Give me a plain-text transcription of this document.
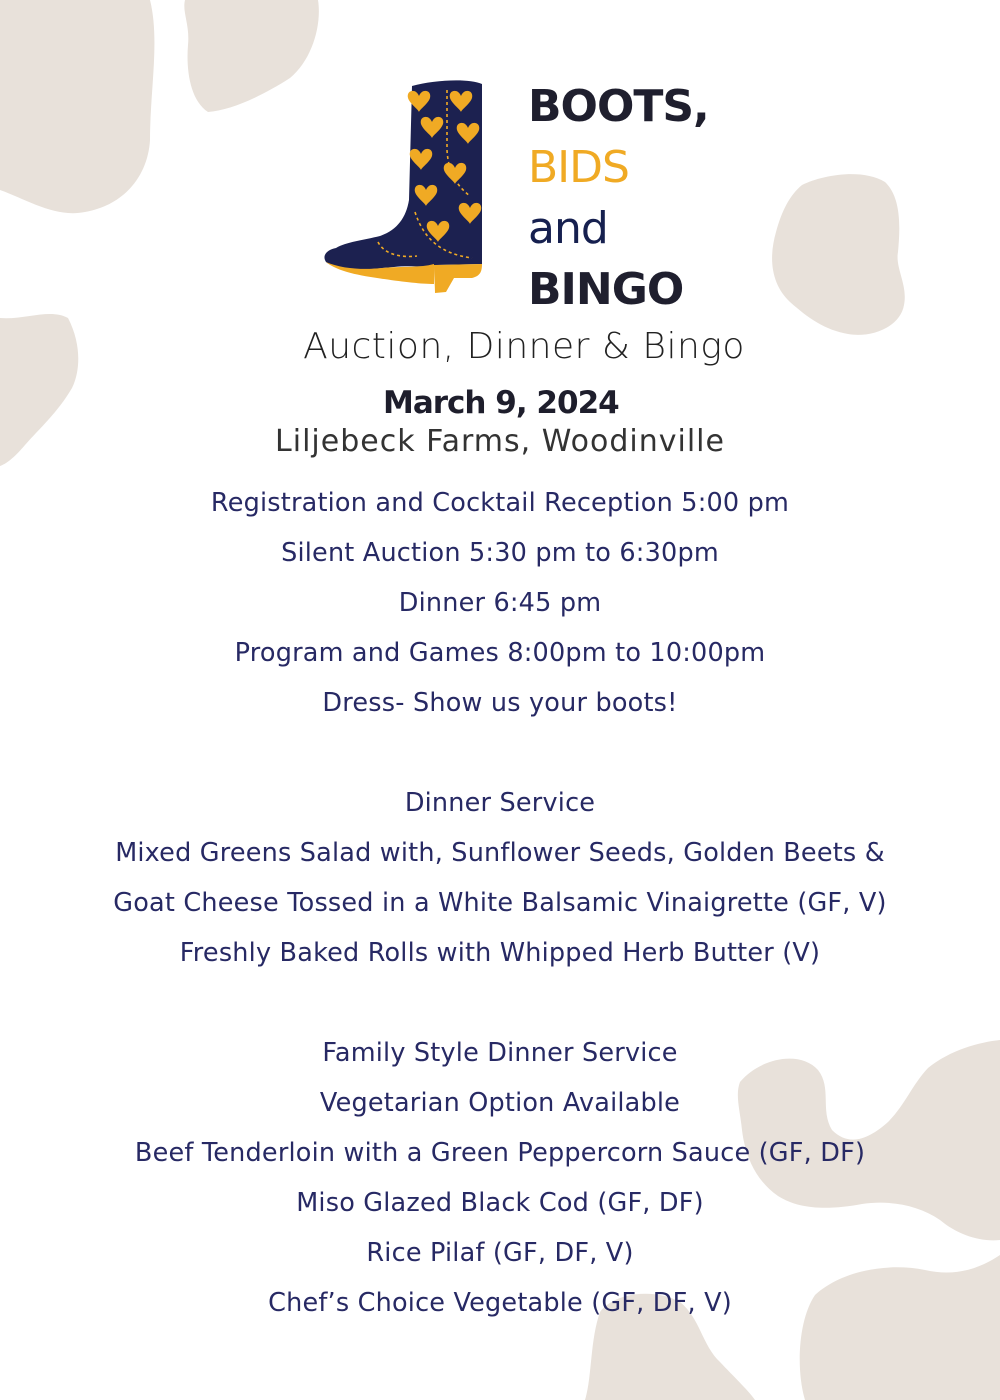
BOOTS,
BIDS
and
BINGO
Auction, Dinner & Bingo
March 9, 2024
Liljebeck Farms, Woodinville
Registration and Cocktail Reception 5:00 pm
Silent Auction 5:30 pm to 6:30pm
Dinner 6:45 pm
Program and Games 8:00pm to 10:00pm
Dress- Show us your boots!
Dinner Service
Mixed Greens Salad with, Sunflower Seeds, Golden Beets &
Goat Cheese Tossed in a White Balsamic Vinaigrette (GF, V)
Freshly Baked Rolls with Whipped Herb Butter (V)
Family Style Dinner Service
Vegetarian Option Available
Beef Tenderloin with a Green Peppercorn Sauce (GF, DF)
Miso Glazed Black Cod (GF, DF)
Rice Pilaf (GF, DF, V)
Chef’s Choice Vegetable (GF, DF, V)
